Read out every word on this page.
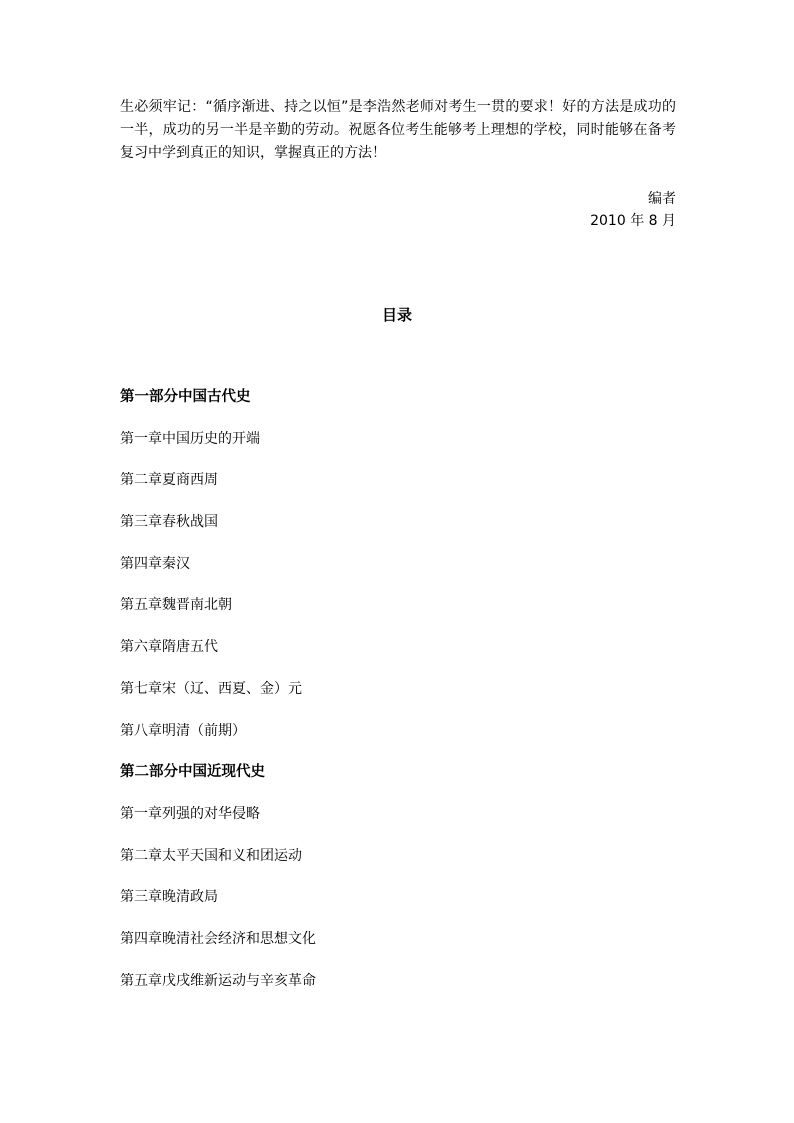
生必须牢记：“循序渐进、持之以恒”是李浩然老师对考生一贯的要求！好的方法是成功的一半，成功的另一半是辛勤的劳动。祝愿各位考生能够考上理想的学校，同时能够在备考复习中学到真正的知识，掌握真正的方法！

编者
2010 年 8 月
目录
第一部分中国古代史
第一章中国历史的开端
第二章夏商西周
第三章春秋战国
第四章秦汉
第五章魏晋南北朝
第六章隋唐五代
第七章宋（辽、西夏、金）元
第八章明清（前期）
第二部分中国近现代史
第一章列强的对华侵略
第二章太平天国和义和团运动
第三章晚清政局
第四章晚清社会经济和思想文化
第五章戊戌维新运动与辛亥革命
